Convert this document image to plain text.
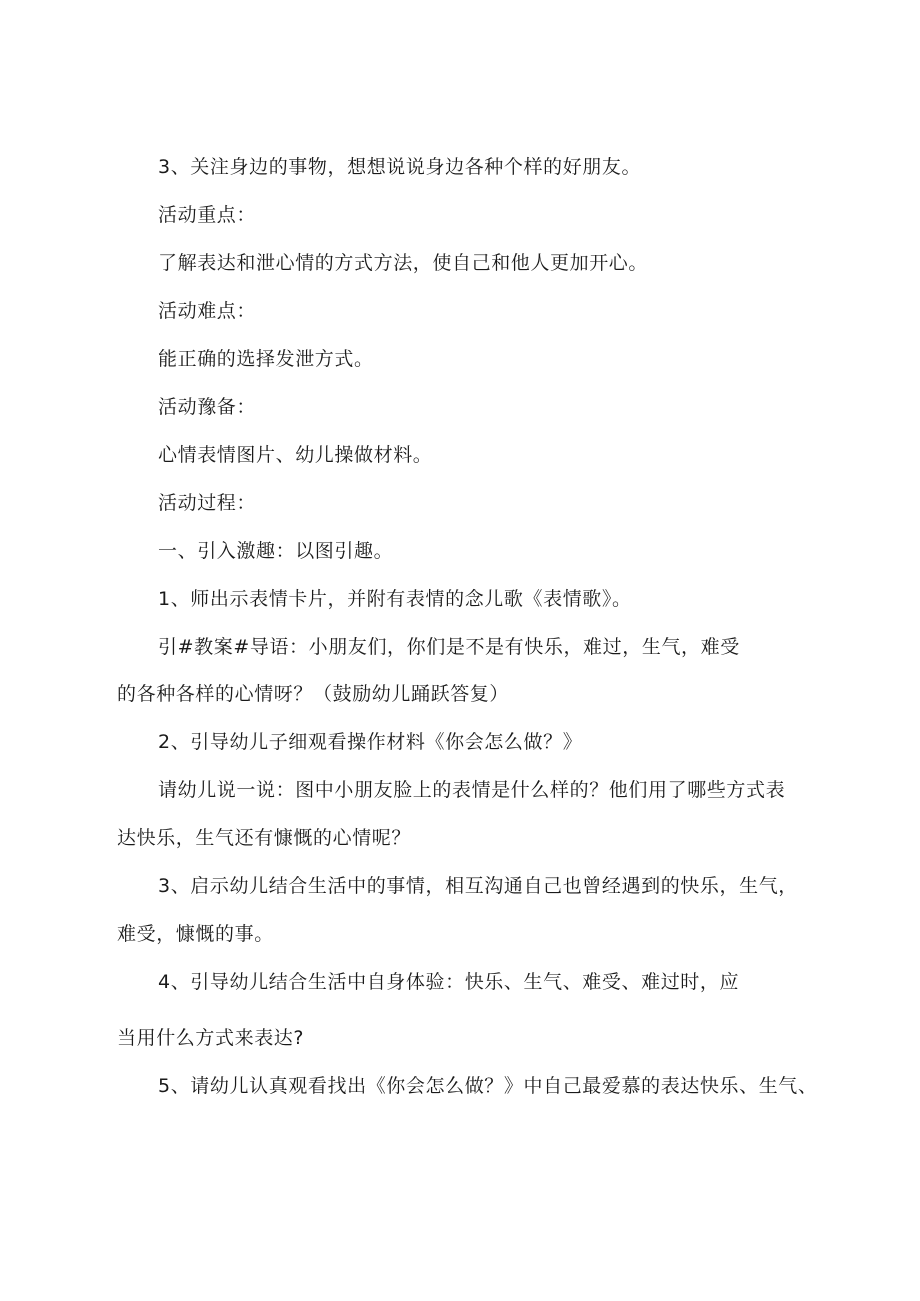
3、关注身边的事物，想想说说身边各种个样的好朋友。
活动重点：
了解表达和泄心情的方式方法，使自己和他人更加开心。
活动难点：
能正确的选择发泄方式。
活动豫备：
心情表情图片、幼儿操做材料。
活动过程：
一、引入激趣：以图引趣。
1、师出示表情卡片，并附有表情的念儿歌《表情歌》。
引#教案#导语：小朋友们，你们是不是有快乐，难过，生气，难受
的各种各样的心情呀？（鼓励幼儿踊跃答复）
2、引导幼儿子细观看操作材料《你会怎么做？》
请幼儿说一说：图中小朋友脸上的表情是什么样的？他们用了哪些方式表
达快乐，生气还有慷慨的心情呢？
3、启示幼儿结合生活中的事情，相互沟通自己也曾经遇到的快乐，生气，
难受，慷慨的事。
4、引导幼儿结合生活中自身体验：快乐、生气、难受、难过时，应
当用什么方式来表达?
5、请幼儿认真观看找出《你会怎么做？》中自己最爱慕的表达快乐、生气、
